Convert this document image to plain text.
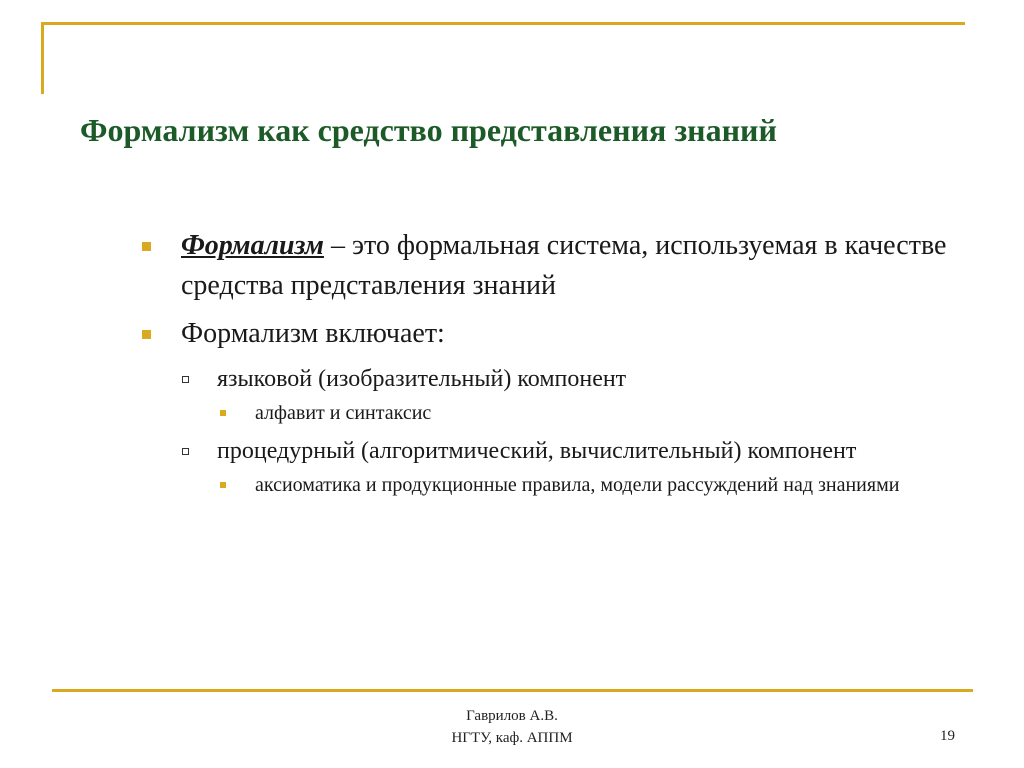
Формализм как средство представления знаний
Формализм – это формальная система, используемая в качестве средства представления знаний
Формализм включает:
языковой (изобразительный) компонент
алфавит и синтаксис
процедурный (алгоритмический, вычислительный) компонент
аксиоматика и продукционные правила, модели рассуждений над знаниями
Гаврилов А.В.
НГТУ, каф. АППМ	19
